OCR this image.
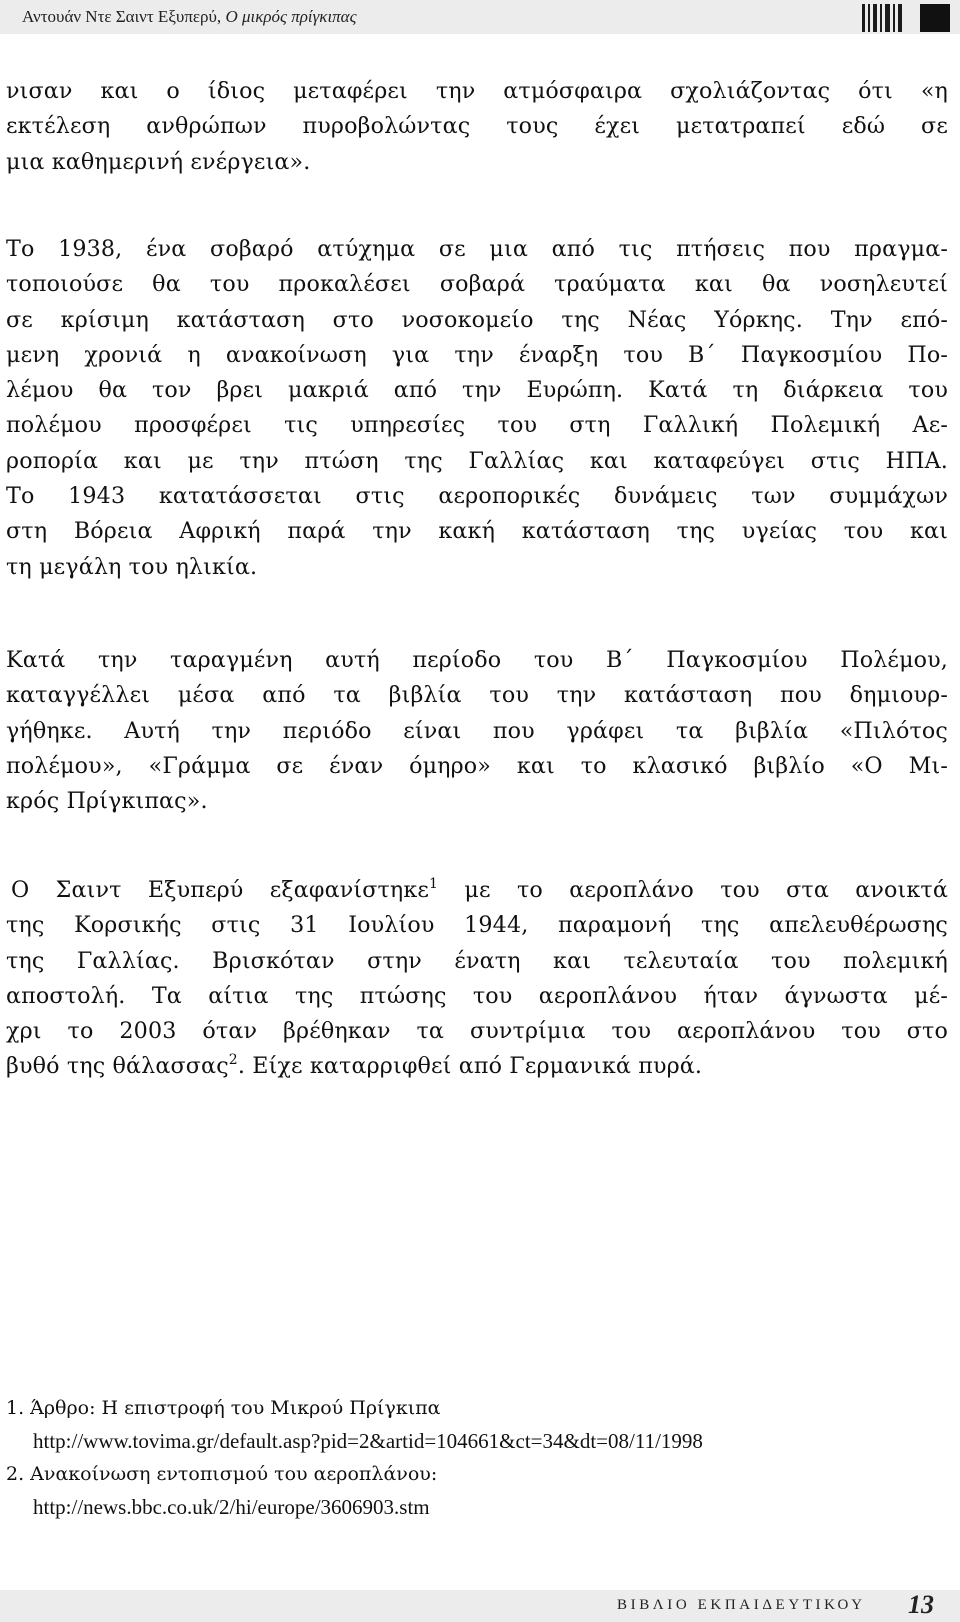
Αντουάν Ντε Σαιντ Εξυπερύ, Ο μικρός πρίγκιπας

νισαν και ο ίδιος μεταφέρει την ατμόσφαιρα σχολιάζοντας ότι «η
εκτέλεση ανθρώπων πυροβολώντας τους έχει μετατραπεί εδώ σε
μια καθημερινή ενέργεια».

Το 1938, ένα σοβαρό ατύχημα σε μια από τις πτήσεις που πραγμα-
τοποιούσε θα του προκαλέσει σοβαρά τραύματα και θα νοσηλευτεί
σε κρίσιμη κατάσταση στο νοσοκομείο της Νέας Υόρκης. Την επό-
μενη χρονιά η ανακοίνωση για την έναρξη του Β΄ Παγκοσμίου Πο-
λέμου θα τον βρει μακριά από την Ευρώπη. Κατά τη διάρκεια του
πολέμου προσφέρει τις υπηρεσίες του στη Γαλλική Πολεμική Αε-
ροπορία και με την πτώση της Γαλλίας και καταφεύγει στις ΗΠΑ.
Το 1943 κατατάσσεται στις αεροπορικές δυνάμεις των συμμάχων
στη Βόρεια Αφρική παρά την κακή κατάσταση της υγείας του και
τη μεγάλη του ηλικία.

Κατά την ταραγμένη αυτή περίοδο του Β΄ Παγκοσμίου Πολέμου,
καταγγέλλει μέσα από τα βιβλία του την κατάσταση που δημιουρ-
γήθηκε. Αυτή την περιόδο είναι που γράφει τα βιβλία «Πιλότος
πολέμου», «Γράμμα σε έναν όμηρο» και το κλασικό βιβλίο «Ο Μι-
κρός Πρίγκιπας».

Ο Σαιντ Εξυπερύ εξαφανίστηκε$^1$ με το αεροπλάνο του στα ανοικτά
της Κορσικής στις 31 Ιουλίου 1944, παραμονή της απελευθέρωσης
της Γαλλίας. Βρισκόταν στην ένατη και τελευταία του πολεμική
αποστολή. Τα αίτια της πτώσης του αεροπλάνου ήταν άγνωστα μέ-
χρι το 2003 όταν βρέθηκαν τα συντρίμια του αεροπλάνου του στο
βυθό της θάλασσας$^2$. Είχε καταρριφθεί από Γερμανικά πυρά.

1. Άρθρο: Η επιστροφή του Μικρού Πρίγκιπα
http://www.tovima.gr/default.asp?pid=2&artid=104661&ct=34&dt=08/11/1998
2. Ανακοίνωση εντοπισμού του αεροπλάνου:
http://news.bbc.co.uk/2/hi/europe/3606903.stm
ΒΙΒΛΙΟ ΕΚΠΑΙΔΕΥΤΙΚΟΥ 13
